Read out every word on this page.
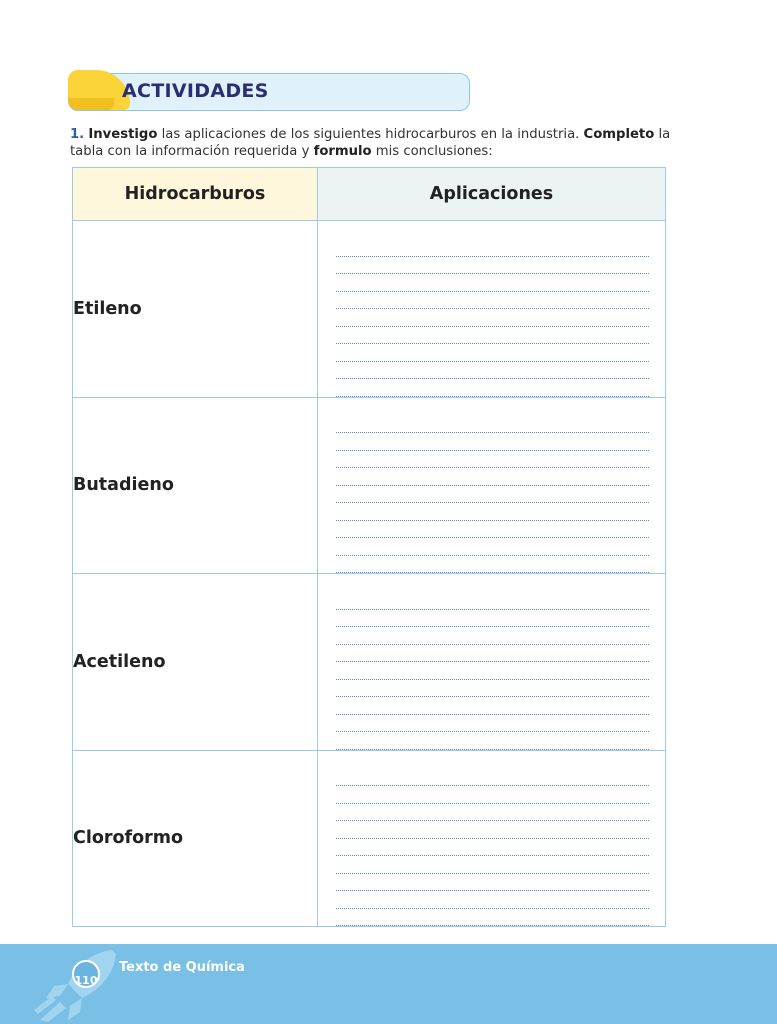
ACTIVIDADES
1. Investigo las aplicaciones de los siguientes hidrocarburos en la industria. Completo la tabla con la información requerida y formulo mis conclusiones:
Hidrocarburos	Aplicaciones
Etileno	

Butadieno	

Acetileno	

Cloroformo	
110
Texto de Química
